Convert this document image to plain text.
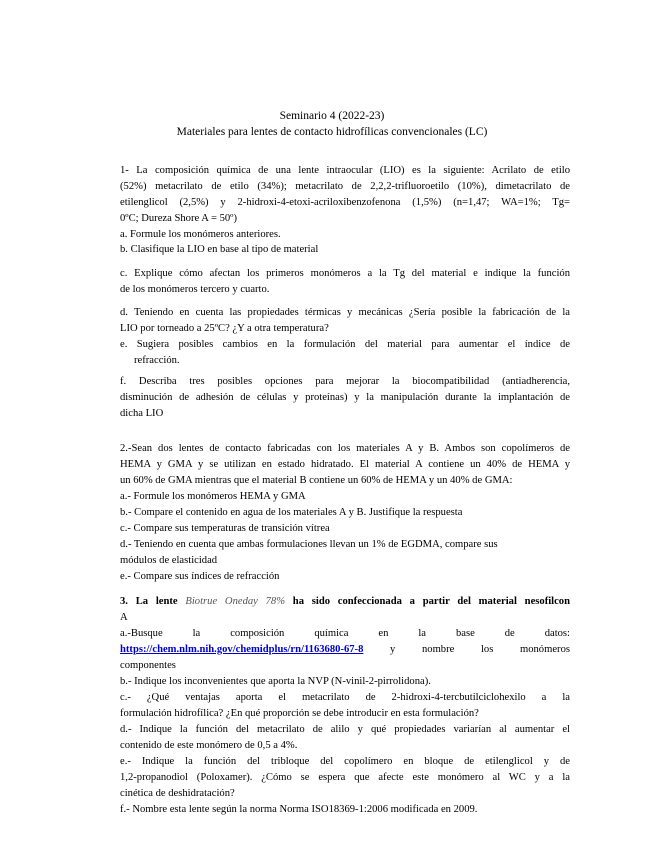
Seminario 4 (2022-23)

Materiales para lentes de contacto hidrofílicas convencionales (LC)

1- La composición química de una lente intraocular (LIO) es la siguiente: Acrilato de etilo

(52%) metacrilato de etilo (34%); metacrilato de 2,2,2-trifluoroetilo (10%), dimetacrilato de

etilenglicol (2,5%) y 2-hidroxi-4-etoxi-acriloxibenzofenona (1,5%) (n=1,47; WA=1%; Tg=

0ºC; Dureza Shore A = 50º)

a. Formule los monómeros anteriores.

b. Clasifique la LIO en base al tipo de material

c. Explique cómo afectan los primeros monómeros a la Tg del material e indique la función

de los monómeros tercero y cuarto.

d. Teniendo en cuenta las propiedades térmicas y mecánicas ¿Sería posible la fabricación de la

LIO por torneado a 25ºC? ¿Y a otra temperatura?

e. Sugiera posibles cambios en la formulación del material para aumentar el índice de

refracción.

f. Describa tres posibles opciones para mejorar la biocompatibilidad (antiadherencia,

disminución de adhesión de células y proteínas) y la manipulación durante la implantación de

dicha LIO

2.-Sean dos lentes de contacto fabricadas con los materiales A y B. Ambos son copolímeros de

HEMA y GMA y se utilizan en estado hidratado. El material A contiene un 40% de HEMA y

un 60% de GMA mientras que el material B contiene un 60% de HEMA y un 40% de GMA:

a.- Formule los monómeros HEMA y GMA

b.- Compare el contenido en agua de los materiales A y B. Justifique la respuesta

c.- Compare sus temperaturas de transición vítrea

d.- Teniendo en cuenta que ambas formulaciones llevan un 1% de EGDMA, compare sus

módulos de elasticidad

e.- Compare sus índices de refracción

3. La lente Biotrue Oneday 78% ha sido confeccionada a partir del material nesofilcon

A

a.-Busque la composición química en la base de datos:

https://chem.nlm.nih.gov/chemidplus/rn/1163680-67-8 y nombre los monómeros

componentes

b.- Indique los inconvenientes que aporta la NVP (N-vinil-2-pirrolidona).

c.- ¿Qué ventajas aporta el metacrilato de 2-hidroxi-4-tercbutilciclohexilo a la

formulación hidrofílica? ¿En qué proporción se debe introducir en esta formulación?

d.- Indique la función del metacrilato de alilo y qué propiedades variarían al aumentar el

contenido de este monómero de 0,5 a 4%.

e.- Indique la función del tribloque del copolímero en bloque de etilenglicol y de

1,2-propanodiol (Poloxamer). ¿Cómo se espera que afecte este monómero al WC y a la

cinética de deshidratación?

f.- Nombre esta lente según la norma Norma ISO18369-1:2006 modificada en 2009.
